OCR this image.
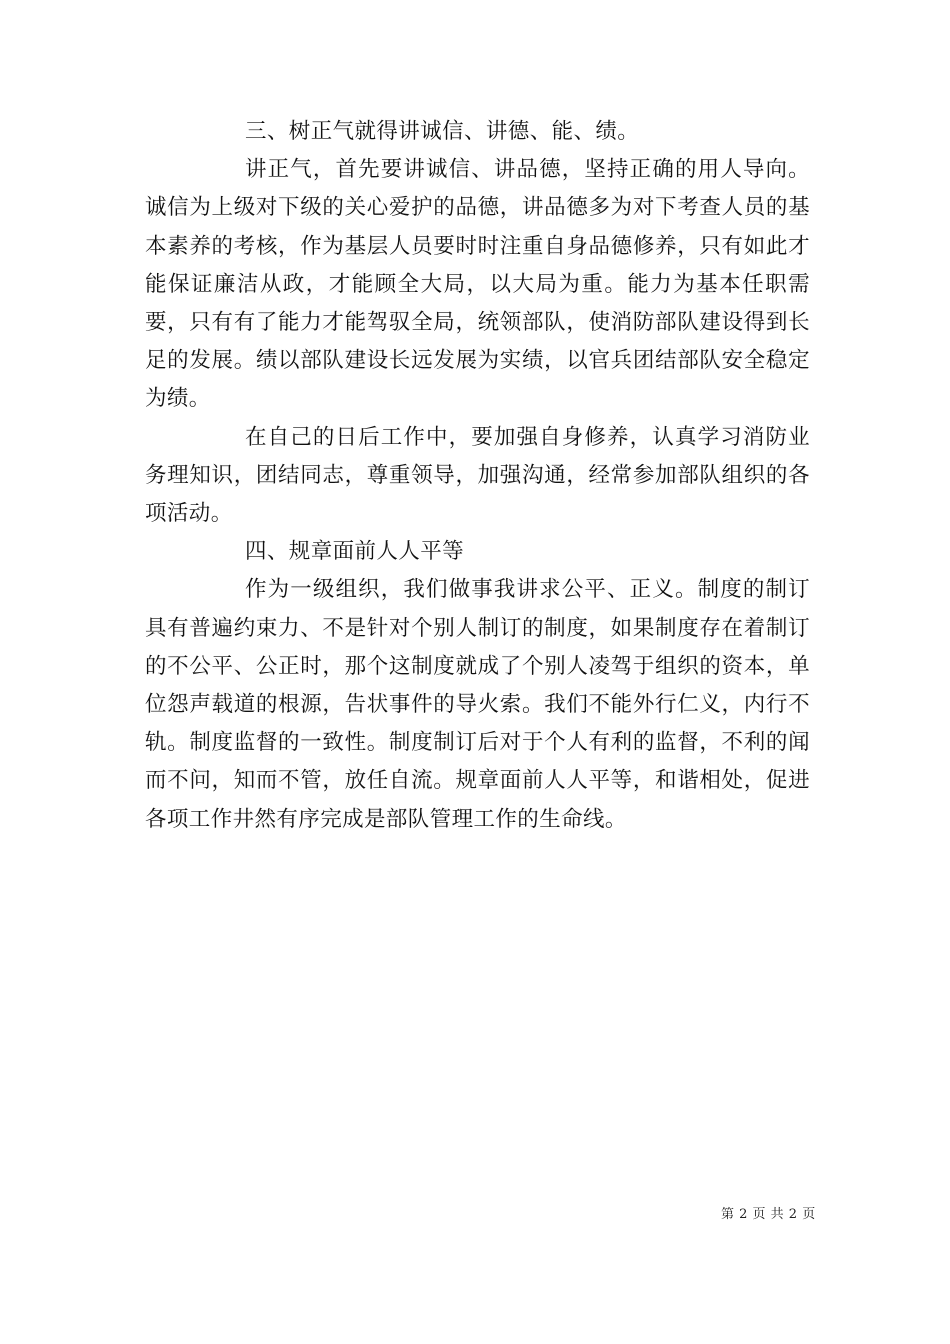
三、树正气就得讲诚信、讲德、能、绩。

讲正气，首先要讲诚信、讲品德，坚持正确的用人导向。诚信为上级对下级的关心爱护的品德，讲品德多为对下考查人员的基本素养的考核，作为基层人员要时时注重自身品德修养，只有如此才能保证廉洁从政，才能顾全大局，以大局为重。能力为基本任职需要，只有有了能力才能驾驭全局，统领部队，使消防部队建设得到长足的发展。绩以部队建设长远发展为实绩，以官兵团结部队安全稳定为绩。

在自己的日后工作中，要加强自身修养，认真学习消防业务理知识，团结同志，尊重领导，加强沟通，经常参加部队组织的各项活动。

四、规章面前人人平等

作为一级组织，我们做事我讲求公平、正义。制度的制订具有普遍约束力、不是针对个别人制订的制度，如果制度存在着制订的不公平、公正时，那个这制度就成了个别人凌驾于组织的资本，单位怨声载道的根源，告状事件的导火索。我们不能外行仁义，内行不轨。制度监督的一致性。制度制订后对于个人有利的监督，不利的闻而不问，知而不管，放任自流。规章面前人人平等，和谐相处，促进各项工作井然有序完成是部队管理工作的生命线。

第 2 页 共 2 页
